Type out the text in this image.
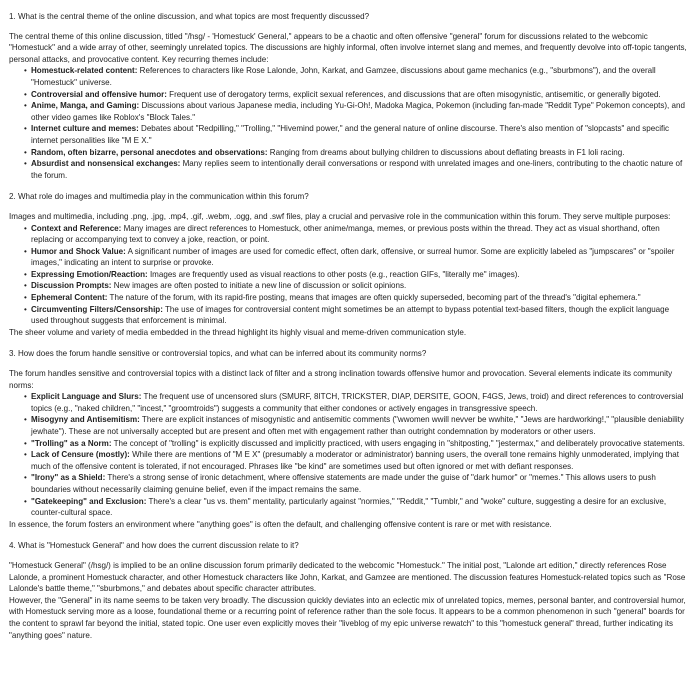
1. What is the central theme of the online discussion, and what topics are most frequently discussed?
The central theme of this online discussion, titled "/hsg/ - 'Homestuck' General," appears to be a chaotic and often offensive "general" forum for discussions related to the webcomic "Homestuck" and a wide array of other, seemingly unrelated topics. The discussions are highly informal, often involve internet slang and memes, and frequently devolve into off-topic tangents, personal attacks, and provocative content. Key recurring themes include:
• Homestuck-related content: References to characters like Rose Lalonde, John, Karkat, and Gamzee, discussions about game mechanics (e.g., "sburbmons"), and the overall "Homestuck" universe.
• Controversial and offensive humor: Frequent use of derogatory terms, explicit sexual references, and discussions that are often misogynistic, antisemitic, or generally bigoted.
• Anime, Manga, and Gaming: Discussions about various Japanese media, including Yu-Gi-Oh!, Madoka Magica, Pokemon (including fan-made "Reddit Type" Pokemon concepts), and other video games like Roblox's "Block Tales."
• Internet culture and memes: Debates about "Redpilling," "Trolling," "Hivemind power," and the general nature of online discourse. There's also mention of "slopcasts" and specific internet personalities like "M E X."
• Random, often bizarre, personal anecdotes and observations: Ranging from dreams about bullying children to discussions about deflating breasts in F1 loli racing.
• Absurdist and nonsensical exchanges: Many replies seem to intentionally derail conversations or respond with unrelated images and one-liners, contributing to the chaotic nature of the forum.
2. What role do images and multimedia play in the communication within this forum?
Images and multimedia, including .png, .jpg, .mp4, .gif, .webm, .ogg, and .swf files, play a crucial and pervasive role in the communication within this forum. They serve multiple purposes:
• Context and Reference: Many images are direct references to Homestuck, other anime/manga, memes, or previous posts within the thread. They act as visual shorthand, often replacing or accompanying text to convey a joke, reaction, or point.
• Humor and Shock Value: A significant number of images are used for comedic effect, often dark, offensive, or surreal humor. Some are explicitly labeled as "jumpscares" or "spoiler images," indicating an intent to surprise or provoke.
• Expressing Emotion/Reaction: Images are frequently used as visual reactions to other posts (e.g., reaction GIFs, "literally me" images).
• Discussion Prompts: New images are often posted to initiate a new line of discussion or solicit opinions.
• Ephemeral Content: The nature of the forum, with its rapid-fire posting, means that images are often quickly superseded, becoming part of the thread's "digital ephemera."
• Circumventing Filters/Censorship: The use of images for controversial content might sometimes be an attempt to bypass potential text-based filters, though the explicit language used throughout suggests that enforcement is minimal.
The sheer volume and variety of media embedded in the thread highlight its highly visual and meme-driven communication style.
3. How does the forum handle sensitive or controversial topics, and what can be inferred about its community norms?
The forum handles sensitive and controversial topics with a distinct lack of filter and a strong inclination towards offensive humor and provocation. Several elements indicate its community norms:
• Explicit Language and Slurs: The frequent use of uncensored slurs (SMURF, 8ITCH, TRICKSTER, DIAP, DERSITE, GOON, F4GS, Jews, troid) and direct references to controversial topics (e.g., "naked children," "incest," "groomtroids") suggests a community that either condones or actively engages in transgressive speech.
• Misogyny and Antisemitism: There are explicit instances of misogynistic and antisemitic comments ("wwomen wwill nevver be wwhite," "Jews are hardworking!," "plausible deniability jewhate"). These are not universally accepted but are present and often met with engagement rather than outright condemnation by moderators or other users.
• "Trolling" as a Norm: The concept of "trolling" is explicitly discussed and implicitly practiced, with users engaging in "shitposting," "jestermax," and deliberately provocative statements.
• Lack of Censure (mostly): While there are mentions of "M E X" (presumably a moderator or administrator) banning users, the overall tone remains highly unmoderated, implying that much of the offensive content is tolerated, if not encouraged. Phrases like "be kind" are sometimes used but often ignored or met with defiant responses.
• "Irony" as a Shield: There's a strong sense of ironic detachment, where offensive statements are made under the guise of "dark humor" or "memes." This allows users to push boundaries without necessarily claiming genuine belief, even if the impact remains the same.
• "Gatekeeping" and Exclusion: There's a clear "us vs. them" mentality, particularly against "normies," "Reddit," "Tumblr," and "woke" culture, suggesting a desire for an exclusive, counter-cultural space.
In essence, the forum fosters an environment where "anything goes" is often the default, and challenging offensive content is rare or met with resistance.
4. What is "Homestuck General" and how does the current discussion relate to it?
"Homestuck General" (/hsg/) is implied to be an online discussion forum primarily dedicated to the webcomic "Homestuck." The initial post, "Lalonde art edition," directly references Rose Lalonde, a prominent Homestuck character, and other Homestuck characters like John, Karkat, and Gamzee are mentioned. The discussion features Homestuck-related topics such as "Rose Lalonde's battle theme," "sburbmons," and debates about specific character attributes.
However, the "General" in its name seems to be taken very broadly. The discussion quickly deviates into an eclectic mix of unrelated topics, memes, personal banter, and controversial humor, with Homestuck serving more as a loose, foundational theme or a recurring point of reference rather than the sole focus. It appears to be a common phenomenon in such "general" boards for the content to sprawl far beyond the initial, stated topic. One user even explicitly moves their "liveblog of my epic universe rewatch" to this "homestuck general" thread, further indicating its "anything goes" nature.
